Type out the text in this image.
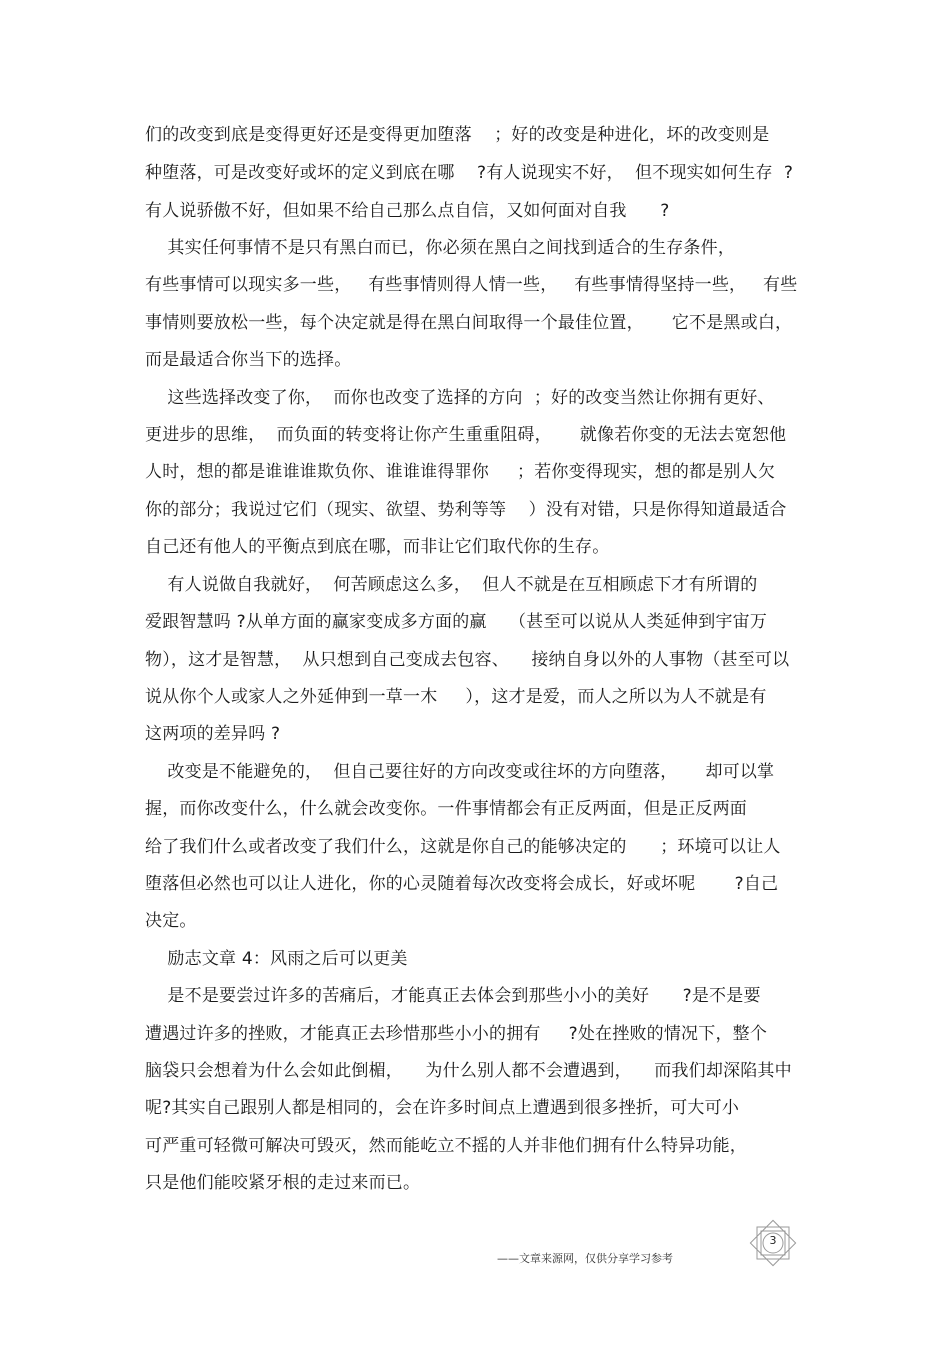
们的改变到底是变得更好还是变得更加堕落    ；好的改变是种进化，坏的改变则是
种堕落，可是改变好或坏的定义到底在哪    ?有人说现实不好，  但不现实如何生存  ?
有人说骄傲不好，但如果不给自己那么点自信，又如何面对自我      ?
其实任何事情不是只有黑白而已，你必须在黑白之间找到适合的生存条件，
有些事情可以现实多一些，   有些事情则得人情一些，   有些事情得坚持一些，   有些
事情则要放松一些，每个决定就是得在黑白间取得一个最佳位置，     它不是黑或白，
而是最适合你当下的选择。
这些选择改变了你，  而你也改变了选择的方向  ；好的改变当然让你拥有更好、
更进步的思维，  而负面的转变将让你产生重重阻碍，     就像若你变的无法去宽恕他
人时，想的都是谁谁谁欺负你、谁谁谁得罪你     ；若你变得现实，想的都是别人欠
你的部分；我说过它们（现实、欲望、势利等等    ）没有对错，只是你得知道最适合
自己还有他人的平衡点到底在哪，而非让它们取代你的生存。
有人说做自我就好，  何苦顾虑这么多，  但人不就是在互相顾虑下才有所谓的
爱跟智慧吗 ?从单方面的赢家变成多方面的赢    （甚至可以说从人类延伸到宇宙万
物），这才是智慧，  从只想到自己变成去包容、    接纳自身以外的人事物（甚至可以
说从你个人或家人之外延伸到一草一木     ），这才是爱，而人之所以为人不就是有
这两项的差异吗 ?
改变是不能避免的，  但自己要往好的方向改变或往坏的方向堕落，     却可以掌
握，而你改变什么，什么就会改变你。一件事情都会有正反两面，但是正反两面
给了我们什么或者改变了我们什么，这就是你自己的能够决定的      ；环境可以让人
堕落但必然也可以让人进化，你的心灵随着每次改变将会成长，好或坏呢       ?自己
决定。
励志文章 4：风雨之后可以更美
是不是要尝过许多的苦痛后，才能真正去体会到那些小小的美好      ?是不是要
遭遇过许多的挫败，才能真正去珍惜那些小小的拥有     ?处在挫败的情况下，整个
脑袋只会想着为什么会如此倒楣，    为什么别人都不会遭遇到，    而我们却深陷其中
呢?其实自己跟别人都是相同的，会在许多时间点上遭遇到很多挫折，可大可小
可严重可轻微可解决可毁灭，然而能屹立不摇的人并非他们拥有什么特异功能，
只是他们能咬紧牙根的走过来而已。
3
——文章来源网，仅供分享学习参考
